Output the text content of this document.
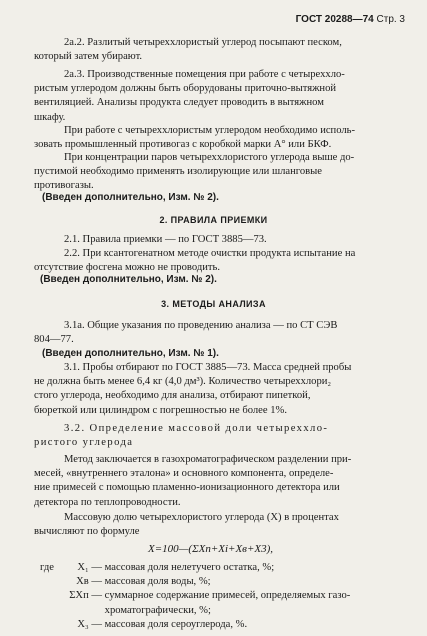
ГОСТ 20288—74 Стр. 3
2а.2. Разлитый четыреххлористый углерод посыпают песком,
который затем убирают.
2а.3. Производственные помещения при работе с четыреххло-
ристым углеродом должны быть оборудованы приточно-вытяжной
вентиляцией. Анализы продукта следует проводить в вытяжном
шкафу.
При работе с четыреххлористым углеродом необходимо исполь-
зовать промышленный противогаз с коробкой марки А° или БКФ.
При концентрации паров четыреххлористого углерода выше до-
пустимой необходимо применять изолирующие или шланговые
противогазы.
(Введен дополнительно, Изм. № 2).
2. ПРАВИЛА ПРИЕМКИ
2.1. Правила приемки — по ГОСТ 3885—73.
2.2. При ксантогенатном методе очистки продукта испытание на
отсутствие фосгена можно не проводить.
(Введен дополнительно, Изм. № 2).
3. МЕТОДЫ АНАЛИЗА
3.1а. Общие указания по проведению анализа — по СТ СЭВ
804—77.
(Введен дополнительно, Изм. № 1).
3.1. Пробы отбирают по ГОСТ 3885—73. Масса средней пробы
не должна быть менее 6,4 кг (4,0 дм³). Количество четыреххлори₂
стого углерода, необходимо для анализа, отбирают пипеткой,
бюреткой или цилиндром с погрешностью не более 1%.
3.2. Определение массовой доли четыреххло-
ристого углерода
Метод заключается в газохроматографическом разделении при-
месей, «внутреннего эталона» и основного компонента, определе-
ние примесей с помощью пламенно-ионизационного детектора или
детектора по теплопроводности.
Массовую долю четырехлористого углерода (X) в процентах
вычисляют по формуле
X=100—(ΣХп+Хi+Хв+Х3),
где X₁ — массовая доля нелетучего остатка, %;
Xв — массовая доля воды, %;
ΣXп — суммарное содержание примесей, определяемых газо-
хроматографически, %;
X₃ — массовая доля сероуглерода, %.
